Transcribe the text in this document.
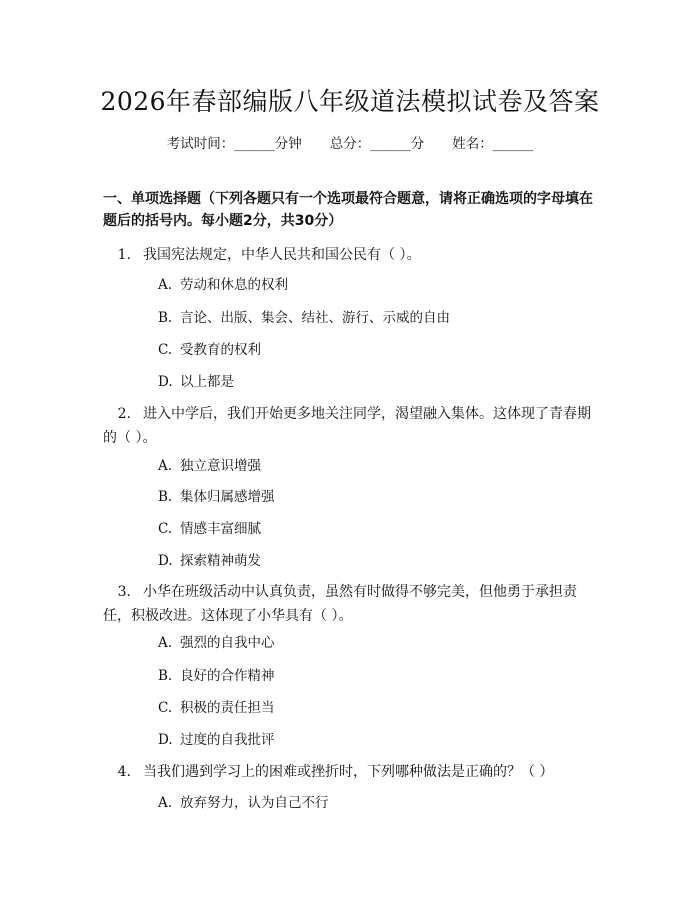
2026年春部编版八年级道法模拟试卷及答案
考试时间：______分钟 总分：______分 姓名：______
一、单项选择题（下列各题只有一个选项最符合题意，请将正确选项的字母填在题后的括号内。每小题2分，共30分）
1. 我国宪法规定，中华人民共和国公民有（ ）。
A. 劳动和休息的权利
B. 言论、出版、集会、结社、游行、示威的自由
C. 受教育的权利
D. 以上都是
2. 进入中学后，我们开始更多地关注同学，渴望融入集体。这体现了青春期的（ ）。
A. 独立意识增强
B. 集体归属感增强
C. 情感丰富细腻
D. 探索精神萌发
3. 小华在班级活动中认真负责，虽然有时做得不够完美，但他勇于承担责任，积极改进。这体现了小华具有（ ）。
A. 强烈的自我中心
B. 良好的合作精神
C. 积极的责任担当
D. 过度的自我批评
4. 当我们遇到学习上的困难或挫折时，下列哪种做法是正确的？（ ）
A. 放弃努力，认为自己不行
